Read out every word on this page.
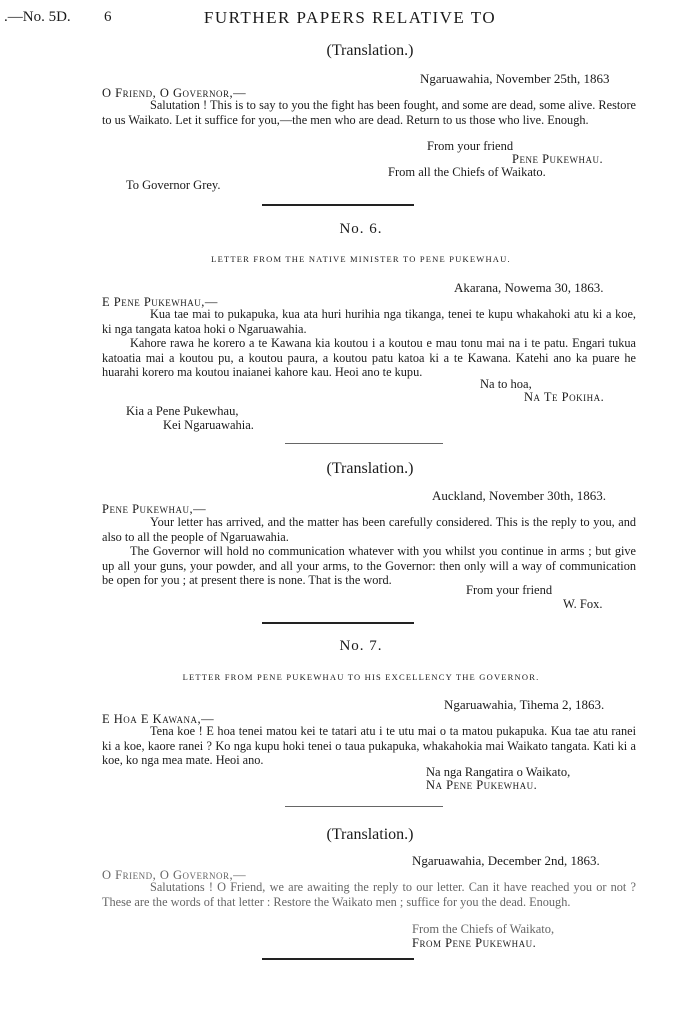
.—No. 5D. 6	FURTHER PAPERS RELATIVE TO
(Translation.)
Ngaruawahia, November 25th, 1863
O Friend, O Governor,—
Salutation ! This is to say to you the fight has been fought, and some are dead, some alive. Restore to us Waikato. Let it suffice for you,—the men who are dead. Return to us those who live. Enough.
From your friend
Pene Pukewhau.
From all the Chiefs of Waikato.
To Governor Grey.
No. 6.
LETTER FROM THE NATIVE MINISTER TO PENE PUKEWHAU.
Akarana, Nowema 30, 1863.
E Pene Pukewhau,—
Kua tae mai to pukapuka, kua ata huri hurihia nga tikanga, tenei te kupu whakahoki atu ki a koe, ki nga tangata katoa hoki o Ngaruawahia.
Kahore rawa he korero a te Kawana kia koutou i a koutou e mau tonu mai na i te patu. Engari tukua katoatia mai a koutou pu, a koutou paura, a koutou patu katoa ki a te Kawana. Katehi ano ka puare he huarahi korero ma koutou inaianei kahore kau. Heoi ano te kupu.
Na to hoa,
Na Te Pokiha.
Kia a Pene Pukewhau,
Kei Ngaruawahia.
(Translation.)
Auckland, November 30th, 1863.
Pene Pukewhau,—
Your letter has arrived, and the matter has been carefully considered. This is the reply to you, and also to all the people of Ngaruawahia.
The Governor will hold no communication whatever with you whilst you continue in arms ; but give up all your guns, your powder, and all your arms, to the Governor: then only will a way of communication be open for you ; at present there is none. That is the word.
From your friend
W. Fox.
No. 7.
LETTER FROM PENE PUKEWHAU TO HIS EXCELLENCY THE GOVERNOR.
Ngaruawahia, Tihema 2, 1863.
E Hoa E Kawana,—
Tena koe ! E hoa tenei matou kei te tatari atu i te utu mai o ta matou pukapuka. Kua tae atu ranei ki a koe, kaore ranei ? Ko nga kupu hoki tenei o taua pukapuka, whakahokia mai Waikato tangata. Kati ki a koe, ko nga mea mate. Heoi ano.
Na nga Rangatira o Waikato,
Na Pene Pukewhau.
(Translation.)
Ngaruawahia, December 2nd, 1863.
O Friend, O Governor,—
Salutations ! O Friend, we are awaiting the reply to our letter. Can it have reached you or not ? These are the words of that letter : Restore the Waikato men ; suffice for you the dead. Enough.
From the Chiefs of Waikato,
From Pene Pukewhau.
